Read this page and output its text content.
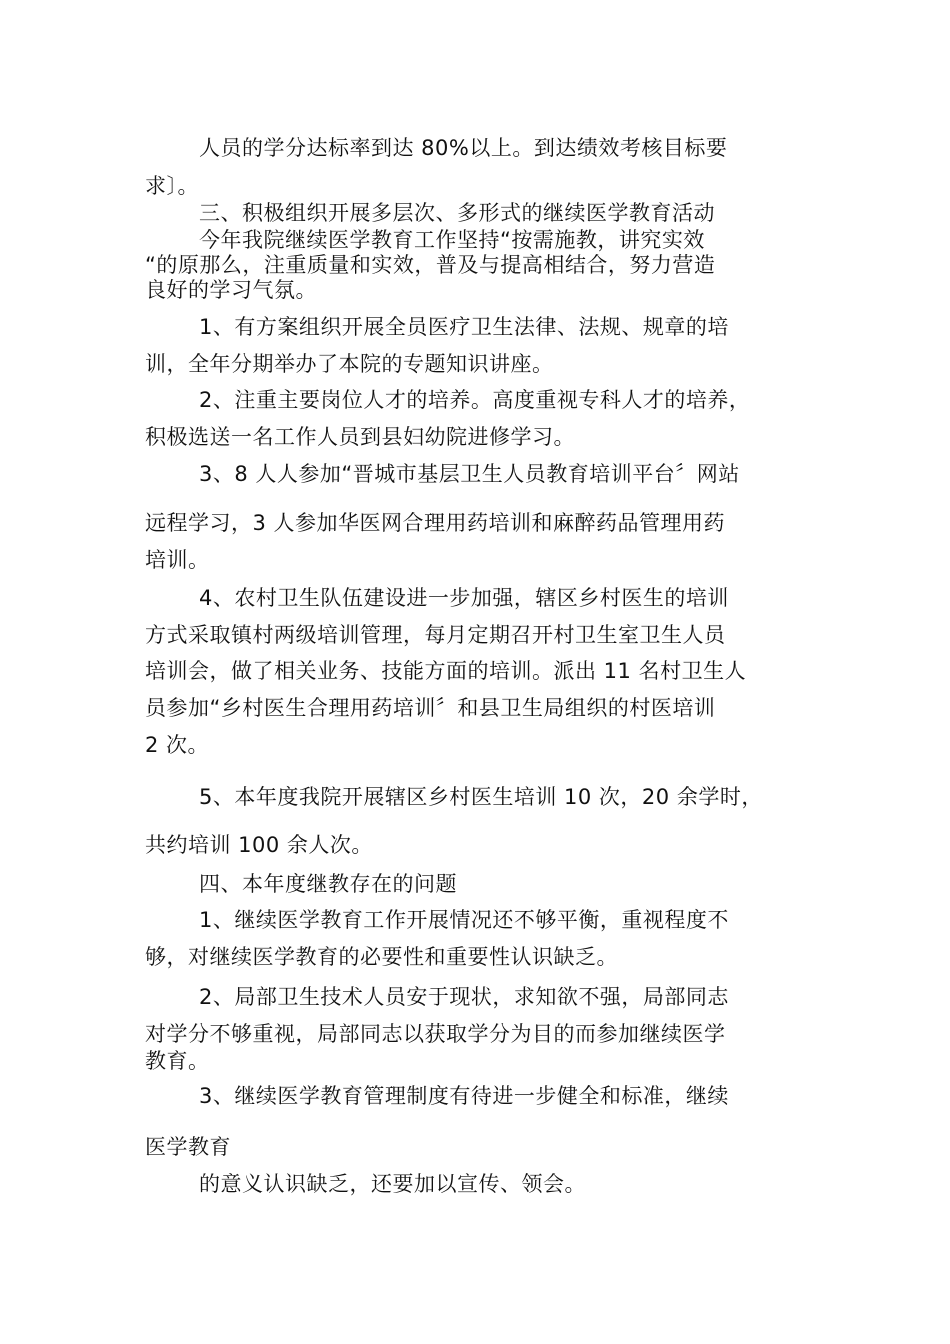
人员的学分达标率到达 80%以上。到达绩效考核目标要
求〕。
三、积极组织开展多层次、多形式的继续医学教育活动
今年我院继续医学教育工作坚持“按需施教，讲究实效
“的原那么，注重质量和实效，普及与提高相结合，努力营造
良好的学习气氛。
1、有方案组织开展全员医疗卫生法律、法规、规章的培
训，全年分期举办了本院的专题知识讲座。
2、注重主要岗位人才的培养。高度重视专科人才的培养，
积极选送一名工作人员到县妇幼院进修学习。
3、8 人人参加“晋城市基层卫生人员教育培训平台〞网站
远程学习，3 人参加华医网合理用药培训和麻醉药品管理用药
培训。
4、农村卫生队伍建设进一步加强，辖区乡村医生的培训
方式采取镇村两级培训管理，每月定期召开村卫生室卫生人员
培训会，做了相关业务、技能方面的培训。派出 11 名村卫生人
员参加“乡村医生合理用药培训〞和县卫生局组织的村医培训
2 次。
5、本年度我院开展辖区乡村医生培训 10 次，20 余学时，
共约培训 100 余人次。
四、本年度继教存在的问题
1、继续医学教育工作开展情况还不够平衡，重视程度不
够，对继续医学教育的必要性和重要性认识缺乏。
2、局部卫生技术人员安于现状，求知欲不强，局部同志
对学分不够重视，局部同志以获取学分为目的而参加继续医学
教育。
3、继续医学教育管理制度有待进一步健全和标准，继续
医学教育
的意义认识缺乏，还要加以宣传、领会。
